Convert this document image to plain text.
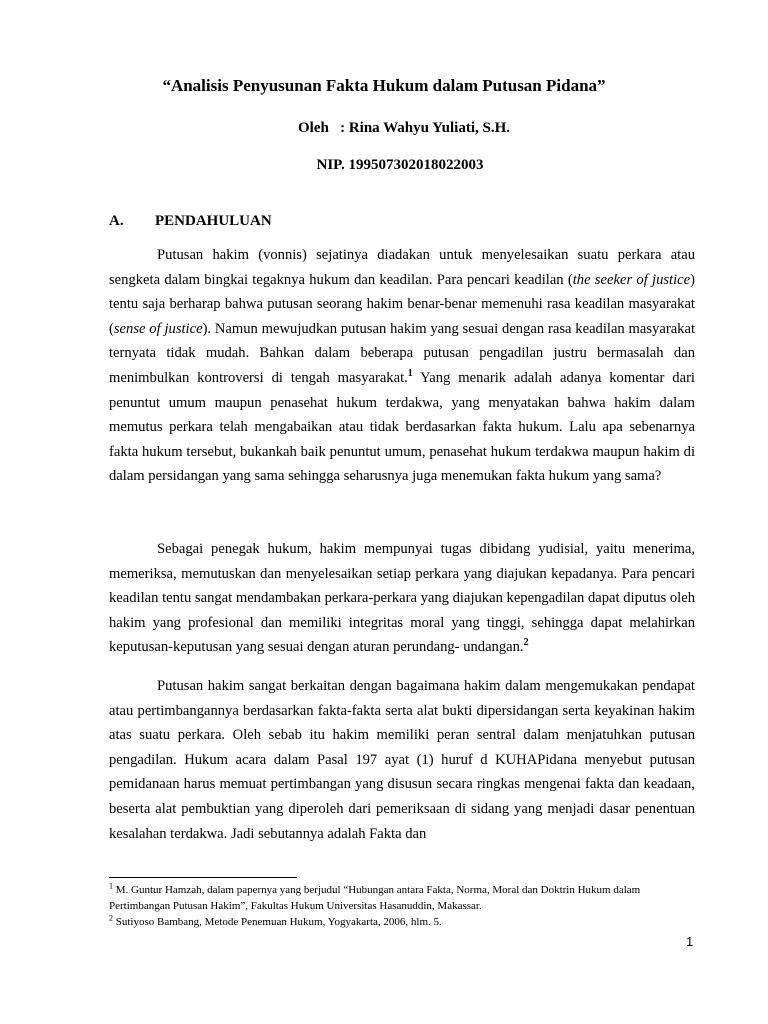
“Analisis Penyusunan Fakta Hukum dalam Putusan Pidana”
Oleh   : Rina Wahyu Yuliati, S.H.
NIP. 199507302018022003
A. PENDAHULUAN

Putusan hakim (vonnis) sejatinya diadakan untuk menyelesaikan suatu perkara atau sengketa dalam bingkai tegaknya hukum dan keadilan. Para pencari keadilan (the seeker of justice) tentu saja berharap bahwa putusan seorang hakim benar-benar memenuhi rasa keadilan masyarakat (sense of justice). Namun mewujudkan putusan hakim yang sesuai dengan rasa keadilan masyarakat ternyata tidak mudah. Bahkan dalam beberapa putusan pengadilan justru bermasalah dan menimbulkan kontroversi di tengah masyarakat.$^1$ Yang menarik adalah adanya komentar dari penuntut umum maupun penasehat hukum terdakwa, yang menyatakan bahwa hakim dalam memutus perkara telah mengabaikan atau tidak berdasarkan fakta hukum. Lalu apa sebenarnya fakta hukum tersebut, bukankah baik penuntut umum, penasehat hukum terdakwa maupun hakim di dalam persidangan yang sama sehingga seharusnya juga menemukan fakta hukum yang sama?

Sebagai penegak hukum, hakim mempunyai tugas dibidang yudisial, yaitu menerima, memeriksa, memutuskan dan menyelesaikan setiap perkara yang diajukan kepadanya. Para pencari keadilan tentu sangat mendambakan perkara-perkara yang diajukan kepengadilan dapat diputus oleh hakim yang profesional dan memiliki integritas moral yang tinggi, sehingga dapat melahirkan keputusan-keputusan yang sesuai dengan aturan perundang- undangan.$^2$

Putusan hakim sangat berkaitan dengan bagaimana hakim dalam mengemukakan pendapat atau pertimbangannya berdasarkan fakta-fakta serta alat bukti dipersidangan serta keyakinan hakim atas suatu perkara. Oleh sebab itu hakim memiliki peran sentral dalam menjatuhkan putusan pengadilan. Hukum acara dalam Pasal 197 ayat (1) huruf d KUHAPidana menyebut putusan pemidanaan harus memuat pertimbangan yang disusun secara ringkas mengenai fakta dan keadaan, beserta alat pembuktian yang diperoleh dari pemeriksaan di sidang yang menjadi dasar penentuan kesalahan terdakwa. Jadi sebutannya adalah Fakta dan

$^1$ M. Guntur Hamzah, dalam papernya yang berjudul “Hubungan antara Fakta, Norma, Moral dan Doktrin Hukum dalam Pertimbangan Putusan Hakim”, Fakultas Hukum Universitas Hasanuddin, Makassar.
$^2$ Sutiyoso Bambang, Metode Penemuan Hukum, Yogyakarta, 2006, hlm. 5.
1
